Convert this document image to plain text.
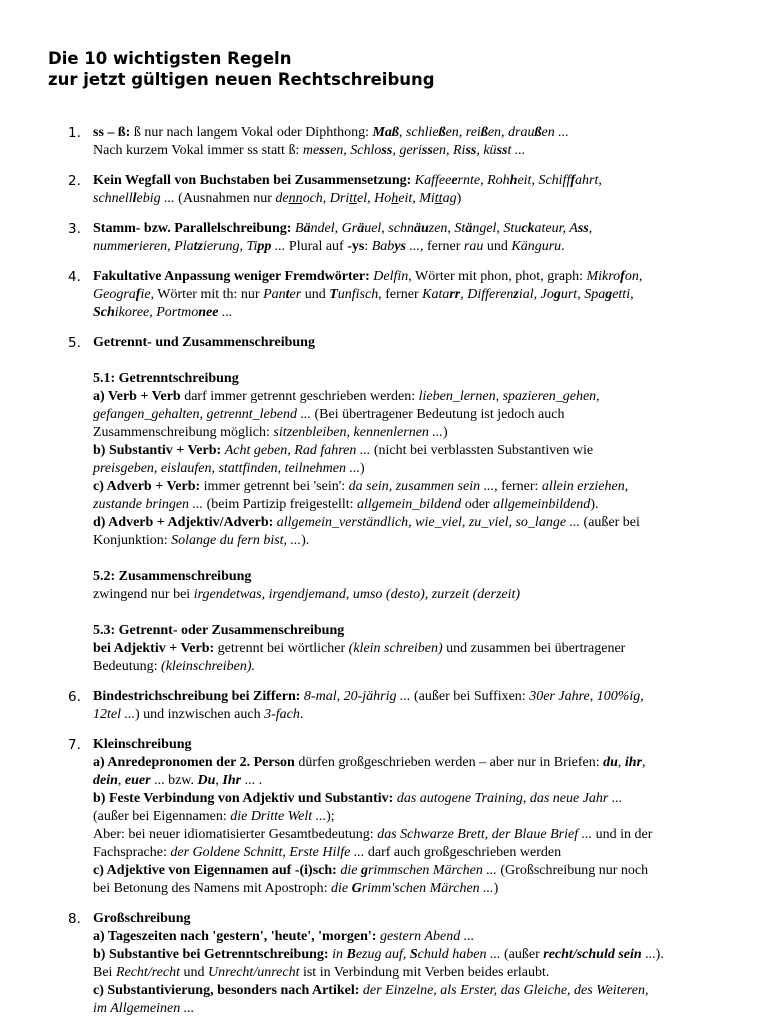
Die 10 wichtigsten Regeln
zur jetzt gültigen neuen Rechtschreibung
1. ss – ß: ß nur nach langem Vokal oder Diphthong: Maß, schließen, reißen, draußen ...
Nach kurzem Vokal immer ss statt ß: messen, Schloss, gerissen, Riss, küsst ...
2. Kein Wegfall von Buchstaben bei Zusammensetzung: Kaffeeernte, Rohheit, Schifffahrt,
schnelllebig ... (Ausnahmen nur dennoch, Drittel, Hoheit, Mittag)
3. Stamm- bzw. Parallelschreibung: Bändel, Gräuel, schnäuzen, Stängel, Stuckateur, Ass,
nummerieren, Platzierung, Tipp ... Plural auf -ys: Babys ..., ferner rau und Känguru.
4. Fakultative Anpassung weniger Fremdwörter: Delfin, Wörter mit phon, phot, graph: Mikrofon,
Geografie, Wörter mit th: nur Panter und Tunfisch, ferner Katarr, Differenzial, Jogurt, Spagetti,
Schikoree, Portmonee ...
5. Getrennt- und Zusammenschreibung

5.1: Getrenntschreibung
a) Verb + Verb darf immer getrennt geschrieben werden: lieben_lernen, spazieren_gehen,
gefangen_gehalten, getrennt_lebend ... (Bei übertragener Bedeutung ist jedoch auch
Zusammenschreibung möglich: sitzenbleiben, kennenlernen ...)
b) Substantiv + Verb: Acht geben, Rad fahren ... (nicht bei verblassten Substantiven wie
preisgeben, eislaufen, stattfinden, teilnehmen ...)
c) Adverb + Verb: immer getrennt bei 'sein': da sein, zusammen sein ..., ferner: allein erziehen,
zustande bringen ... (beim Partizip freigestellt: allgemein_bildend oder allgemeinbildend).
d) Adverb + Adjektiv/Adverb: allgemein_verständlich, wie_viel, zu_viel, so_lange ... (außer bei
Konjunktion: Solange du fern bist, ...).

5.2: Zusammenschreibung
zwingend nur bei irgendetwas, irgendjemand, umso (desto), zurzeit (derzeit)

5.3: Getrennt- oder Zusammenschreibung
bei Adjektiv + Verb: getrennt bei wörtlicher (klein schreiben) und zusammen bei übertragener
Bedeutung: (kleinschreiben).
6. Bindestrichschreibung bei Ziffern: 8-mal, 20-jährig ... (außer bei Suffixen: 30er Jahre, 100%ig,
12tel ...) und inzwischen auch 3-fach.
7. Kleinschreibung
a) Anredepronomen der 2. Person dürfen großgeschrieben werden – aber nur in Briefen: du, ihr,
dein, euer ... bzw. Du, Ihr ... .
b) Feste Verbindung von Adjektiv und Substantiv: das autogene Training, das neue Jahr ...
(außer bei Eigennamen: die Dritte Welt ...);
Aber: bei neuer idiomatisierter Gesamtbedeutung: das Schwarze Brett, der Blaue Brief ... und in der
Fachsprache: der Goldene Schnitt, Erste Hilfe ... darf auch großgeschrieben werden
c) Adjektive von Eigennamen auf -(i)sch: die grimmschen Märchen ... (Großschreibung nur noch
bei Betonung des Namens mit Apostroph: die Grimm'schen Märchen ...)
8. Großschreibung
a) Tageszeiten nach 'gestern', 'heute', 'morgen': gestern Abend ...
b) Substantive bei Getrenntschreibung: in Bezug auf, Schuld haben ... (außer recht/schuld sein ...).
Bei Recht/recht und Unrecht/unrecht ist in Verbindung mit Verben beides erlaubt.
c) Substantivierung, besonders nach Artikel: der Einzelne, als Erster, das Gleiche, des Weiteren,
im Allgemeinen ...
